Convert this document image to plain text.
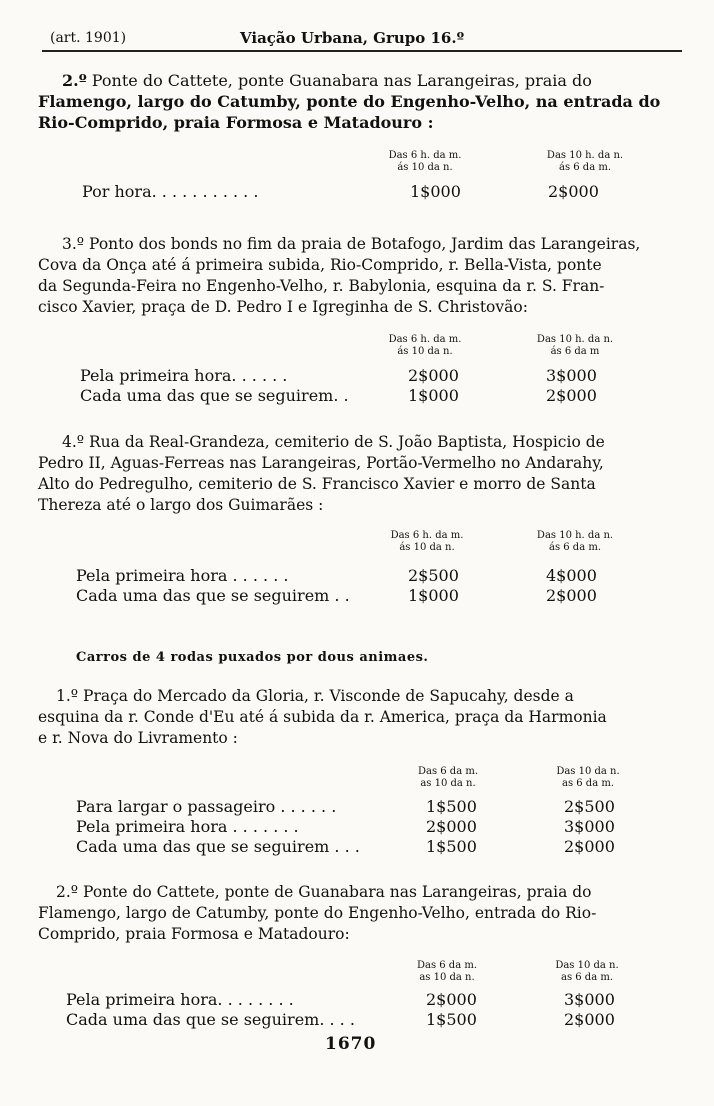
(art. 1901)	Viação Urbana, Grupo 16.º
2.º Ponte do Cattete, ponte Guanabara nas Larangeiras, praia do
Flamengo, largo do Catumby, ponte do Engenho-Velho, na entrada do
Rio-Comprido, praia Formosa e Matadouro :
Das 6 h. da m.
ás 10 da n.
Das 10 h. da n.
ás 6 da m.
Por hora. . . . . . . . . . .	1$000	2$000
3.º Ponto dos bonds no fim da praia de Botafogo, Jardim das Larangeiras,
Cova da Onça até á primeira subida, Rio-Comprido, r. Bella-Vista, ponte
da Segunda-Feira no Engenho-Velho, r. Babylonia, esquina da r. S. Fran-
cisco Xavier, praça de D. Pedro I e Igreginha de S. Christovão:
Das 6 h. da m.
ás 10 da n.
Das 10 h. da n.
ás 6 da m
Pela primeira hora. . . . . .	2$000	3$000
Cada uma das que se seguirem. .	1$000	2$000
4.º Rua da Real-Grandeza, cemiterio de S. João Baptista, Hospicio de
Pedro II, Aguas-Ferreas nas Larangeiras, Portão-Vermelho no Andarahy,
Alto do Pedregulho, cemiterio de S. Francisco Xavier e morro de Santa
Thereza até o largo dos Guimarães :
Das 6 h. da m.
ás 10 da n.
Das 10 h. da n.
ás 6 da m.
Pela primeira hora . . . . . .	2$500	4$000
Cada uma das que se seguirem . .	1$000	2$000
Carros de 4 rodas puxados por dous animaes.
1.º Praça do Mercado da Gloria, r. Visconde de Sapucahy, desde a
esquina da r. Conde d'Eu até á subida da r. America, praça da Harmonia
e r. Nova do Livramento :
Das 6 da m.
as 10 da n.
Das 10 da n.
as 6 da m.
Para largar o passageiro . . . . . .	1$500	2$500
Pela primeira hora . . . . . . .	2$000	3$000
Cada uma das que se seguirem . . .	1$500	2$000
2.º Ponte do Cattete, ponte de Guanabara nas Larangeiras, praia do
Flamengo, largo de Catumby, ponte do Engenho-Velho, entrada do Rio-
Comprido, praia Formosa e Matadouro:
Das 6 da m.
as 10 da n.
Das 10 da n.
as 6 da m.
Pela primeira hora. . . . . . . .	2$000	3$000
Cada uma das que se seguirem. . . .	1$500	2$000
1670
